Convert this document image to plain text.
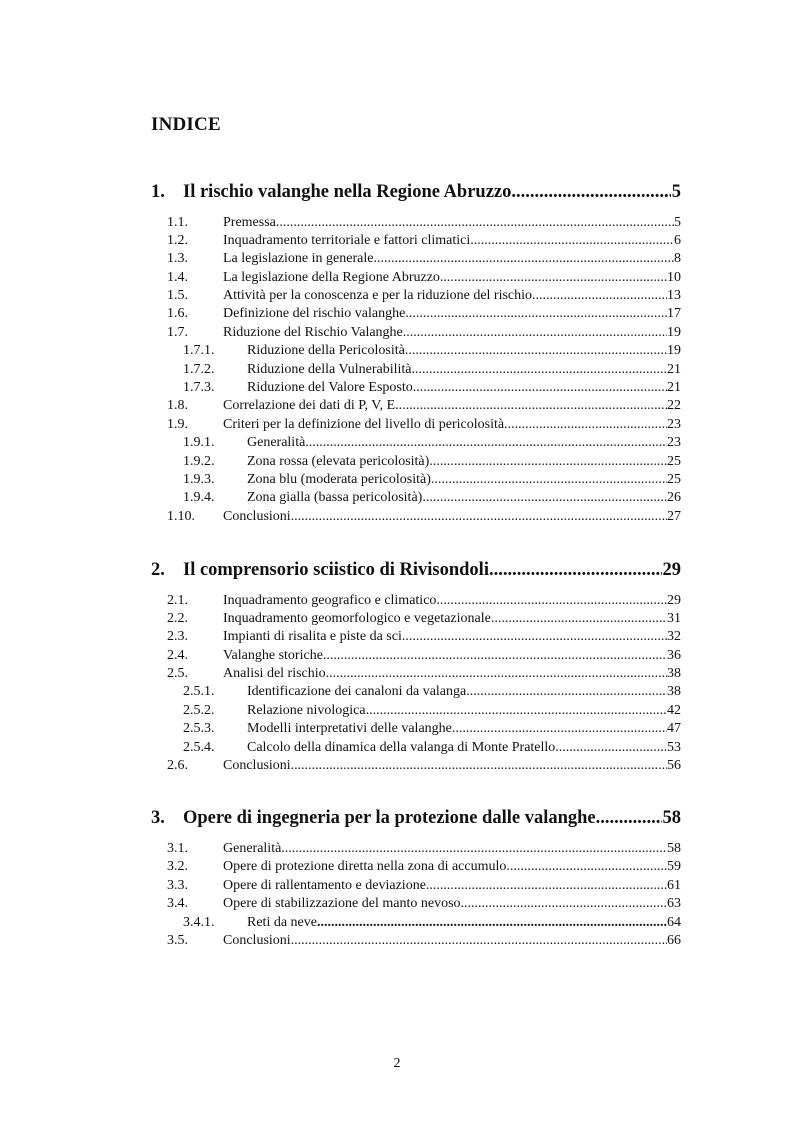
INDICE
1. Il rischio valanghe nella Regione Abruzzo .....	5
1.1.	Premessa .....	5
1.2.	Inquadramento territoriale e fattori climatici .....	6
1.3.	La legislazione in generale .....	8
1.4.	La legislazione della Regione Abruzzo .....	10
1.5.	Attività per la conoscenza e per la riduzione del rischio .....	13
1.6.	Definizione del rischio valanghe .....	17
1.7.	Riduzione del Rischio Valanghe .....	19
1.7.1.	Riduzione della Pericolosità .....	19
1.7.2.	Riduzione della Vulnerabilità .....	21
1.7.3.	Riduzione del Valore Esposto .....	21
1.8.	Correlazione dei dati di P, V, E .....	22
1.9.	Criteri per la definizione del livello di pericolosità .....	23
1.9.1.	Generalità .....	23
1.9.2.	Zona rossa (elevata pericolosità) .....	25
1.9.3.	Zona blu (moderata pericolosità) .....	25
1.9.4.	Zona gialla (bassa pericolosità) .....	26
1.10.	Conclusioni .....	27
2. Il comprensorio sciistico di Rivisondoli .....	29
2.1.	Inquadramento geografico e climatico .....	29
2.2.	Inquadramento geomorfologico e vegetazionale .....	31
2.3.	Impianti di risalita e piste da sci .....	32
2.4.	Valanghe storiche .....	36
2.5.	Analisi del rischio .....	38
2.5.1.	Identificazione dei canaloni da valanga .....	38
2.5.2.	Relazione nivologica .....	42
2.5.3.	Modelli interpretativi delle valanghe .....	47
2.5.4.	Calcolo della dinamica della valanga di Monte Pratello .....	53
2.6.	Conclusioni .....	56
3. Opere di ingegneria per la protezione dalle valanghe .....	58
3.1.	Generalità .....	58
3.2.	Opere di protezione diretta nella zona di accumulo .....	59
3.3.	Opere di rallentamento e deviazione .....	61
3.4.	Opere di stabilizzazione del manto nevoso .....	63
3.4.1.	Reti da neve .....	64
3.5.	Conclusioni .....	66
2
